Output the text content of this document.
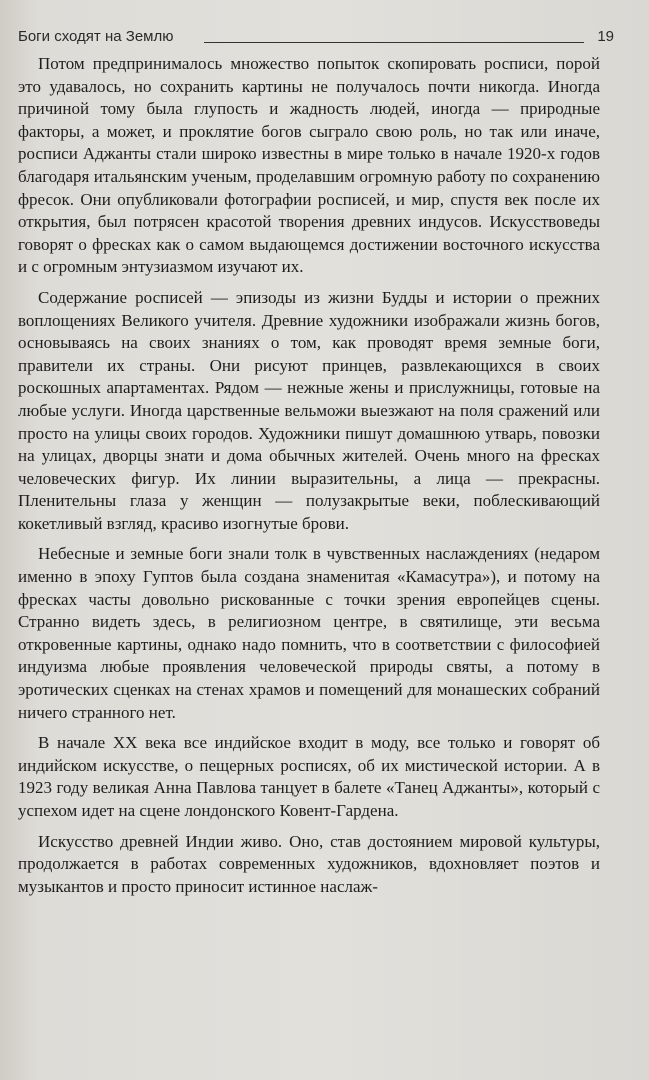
Боги сходят на Землю	19

Потом предпринималось множество попыток скопировать росписи, порой это удавалось, но сохранить картины не получалось почти никогда. Иногда причиной тому была глупость и жадность людей, иногда — природные факторы, а может, и проклятие богов сыграло свою роль, но так или иначе, росписи Аджанты стали широко известны в мире только в начале 1920-х годов благодаря итальянским ученым, проделавшим огромную работу по сохранению фресок. Они опубликовали фотографии росписей, и мир, спустя век после их открытия, был потрясен красотой творения древних индусов. Искусствоведы говорят о фресках как о самом выдающемся достижении восточного искусства и с огромным энтузиазмом изучают их.

Содержание росписей — эпизоды из жизни Будды и истории о прежних воплощениях Великого учителя. Древние художники изображали жизнь богов, основываясь на своих знаниях о том, как проводят время земные боги, правители их страны. Они рисуют принцев, развлекающихся в своих роскошных апартаментах. Рядом — нежные жены и прислужницы, готовые на любые услуги. Иногда царственные вельможи выезжают на поля сражений или просто на улицы своих городов. Художники пишут домашнюю утварь, повозки на улицах, дворцы знати и дома обычных жителей. Очень много на фресках человеческих фигур. Их линии выразительны, а лица — прекрасны. Пленительны глаза у женщин — полузакрытые веки, поблескивающий кокетливый взгляд, красиво изогнутые брови.

Небесные и земные боги знали толк в чувственных наслаждениях (недаром именно в эпоху Гуптов была создана знаменитая «Камасутра»), и потому на фресках часты довольно рискованные с точки зрения европейцев сцены. Странно видеть здесь, в религиозном центре, в святилище, эти весьма откровенные картины, однако надо помнить, что в соответствии с философией индуизма любые проявления человеческой природы святы, а потому в эротических сценках на стенах храмов и помещений для монашеских собраний ничего странного нет.

В начале XX века все индийское входит в моду, все только и говорят об индийском искусстве, о пещерных росписях, об их мистической истории. А в 1923 году великая Анна Павлова танцует в балете «Танец Аджанты», который с успехом идет на сцене лондонского Ковент-Гардена.

Искусство древней Индии живо. Оно, став достоянием мировой культуры, продолжается в работах современных художников, вдохновляет поэтов и музыкантов и просто приносит истинное наслаж-
